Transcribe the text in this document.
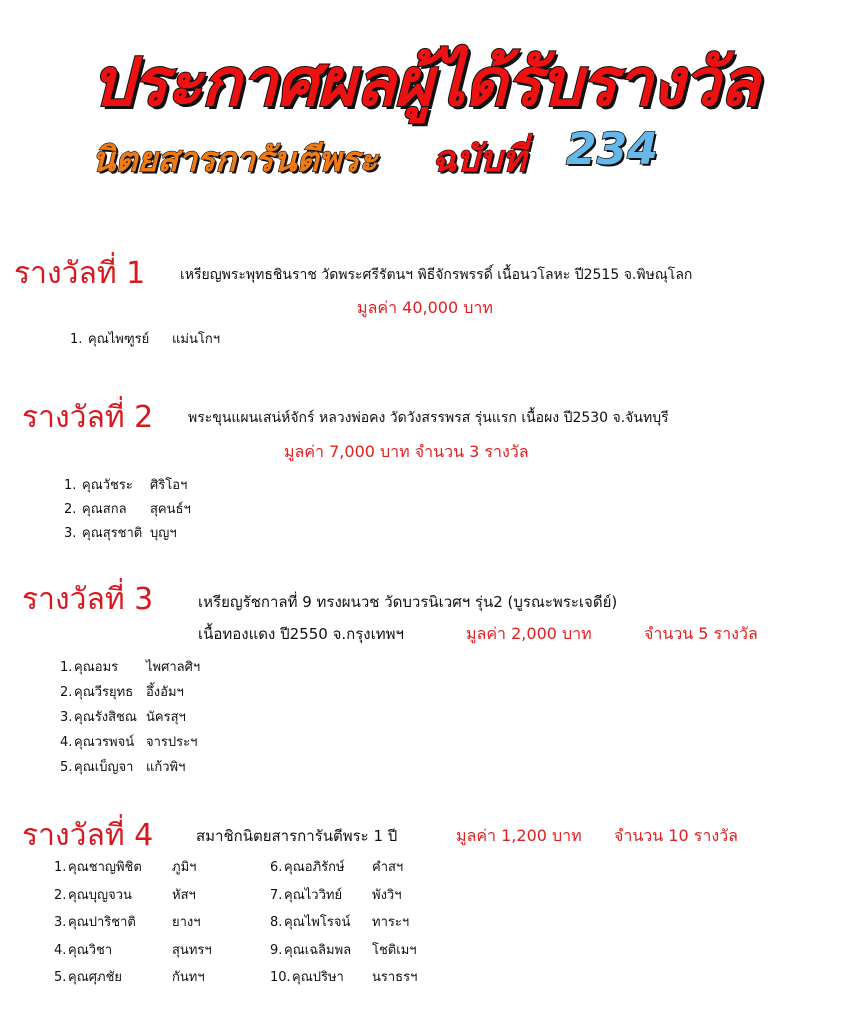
ประกาศผลผู้ได้รับรางวัล
นิตยสารการันตีพระ ฉบับที่ 234
รางวัลที่ 1 เหรียญพระพุทธชินราช วัดพระศรีรัตนฯ พิธีจักรพรรดิ์ เนื้อนวโลหะ ปี2515 จ.พิษณุโลก
มูลค่า 40,000 บาท
1. คุณไพฑูรย์ แม่นโกฯ
รางวัลที่ 2 พระขุนแผนเสน่ห์จักร์ หลวงพ่อคง วัดวังสรรพรส รุ่นแรก เนื้อผง ปี2530 จ.จันทบุรี
มูลค่า 7,000 บาท จำนวน 3 รางวัล
1. คุณวัชระ ศิริโอฯ
2. คุณสกล สุคนธ์ฯ
3. คุณสุรชาติ บุญฯ
รางวัลที่ 3	เหรียญรัชกาลที่ 9 ทรงผนวช วัดบวรนิเวศฯ รุ่น2 (บูรณะพระเจดีย์)
เนื้อทองแดง ปี2550 จ.กรุงเทพฯ	มูลค่า 2,000 บาท	จำนวน 5 รางวัล
1. คุณอมร ไพศาลศิฯ
2. คุณวีรยุทธ อึ้งอัมฯ
3. คุณรังสิชณ นัครสุฯ
4. คุณวรพจน์ จารประฯ
5. คุณเบ็ญจา แก้วพิฯ
รางวัลที่ 4	สมาชิกนิตยสารการันตีพระ 1 ปี	มูลค่า 1,200 บาท จำนวน 10 รางวัล
1. คุณชาญพิชิต ภูมิฯ
2. คุณบุญจวน	หัสฯ
3. คุณปาริชาติ	ยางฯ
4. คุณวิชา	สุนทรฯ
5. คุณศุภชัย	กันทฯ
6. คุณอภิรักษ์ คำสฯ
7. คุณไววิทย์ พังวิฯ
8. คุณไพโรจน์ ทาระฯ
9. คุณเฉลิมพล โชติเมฯ
10.คุณปริษา นราธรฯ
